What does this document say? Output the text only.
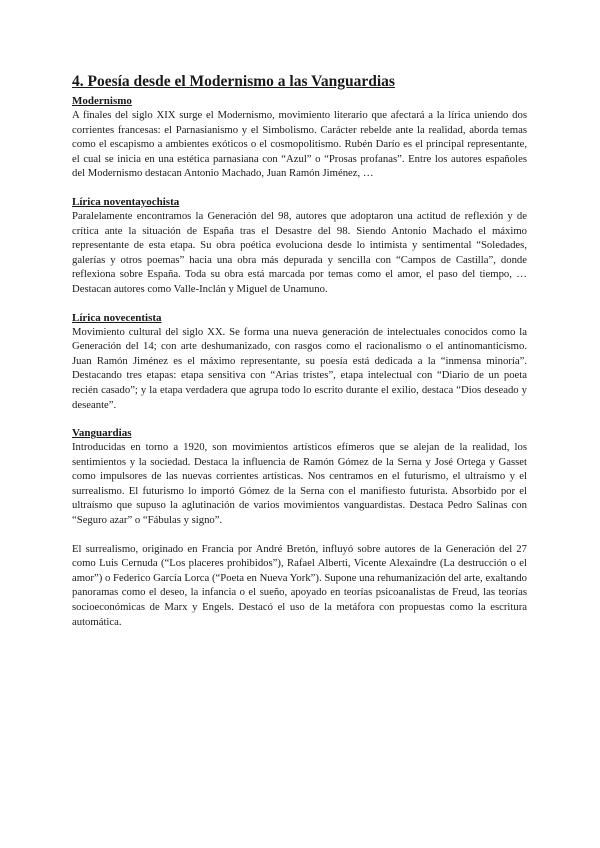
4. Poesía desde el Modernismo a las Vanguardias
Modernismo

A finales del siglo XIX surge el Modernismo, movimiento literario que afectará a la lírica uniendo dos corrientes francesas: el Parnasianismo y el Simbolismo. Carácter rebelde ante la realidad, aborda temas como el escapismo a ambientes exóticos o el cosmopolitismo. Rubén Darío es el principal representante, el cual se inicia en una estética parnasiana con “Azul” o “Prosas profanas”. Entre los autores españoles del Modernismo destacan Antonio Machado, Juan Ramón Jiménez, …

Lírica noventayochista

Paralelamente encontramos la Generación del 98, autores que adoptaron una actitud de reflexión y de crítica ante la situación de España tras el Desastre del 98. Siendo Antonio Machado el máximo representante de esta etapa. Su obra poética evoluciona desde lo intimista y sentimental “Soledades, galerías y otros poemas” hacia una obra más depurada y sencilla con “Campos de Castilla”, donde reflexiona sobre España. Toda su obra está marcada por temas como el amor, el paso del tiempo, … Destacan autores como Valle-Inclán y Miguel de Unamuno.

Lírica novecentista

Movimiento cultural del siglo XX. Se forma una nueva generación de intelectuales conocidos como la Generación del 14; con arte deshumanizado, con rasgos como el racionalismo o el antinomanticismo. Juan Ramón Jiménez es el máximo representante, su poesía está dedicada a la “inmensa minoría”. Destacando tres etapas: etapa sensitiva con “Arias tristes”, etapa intelectual con “Diario de un poeta recién casado”; y la etapa verdadera que agrupa todo lo escrito durante el exilio, destaca “Dios deseado y deseante”.

Vanguardias

Introducidas en torno a 1920, son movimientos artísticos efímeros que se alejan de la realidad, los sentimientos y la sociedad. Destaca la influencia de Ramón Gómez de la Serna y José Ortega y Gasset como impulsores de las nuevas corrientes artísticas. Nos centramos en el futurismo, el ultraísmo y el surrealismo. El futurismo lo importó Gómez de la Serna con el manifiesto futurista. Absorbido por el ultraísmo que supuso la aglutinación de varios movimientos vanguardistas. Destaca Pedro Salinas con “Seguro azar” o “Fábulas y signo”.

El surrealismo, originado en Francia por André Bretón, influyó sobre autores de la Generación del 27 como Luis Cernuda (“Los placeres prohibidos”), Rafael Alberti, Vicente Alexaindre (La destrucción o el amor”) o Federico García Lorca (“Poeta en Nueva York”). Supone una rehumanización del arte, exaltando panoramas como el deseo, la infancia o el sueño, apoyado en teorías psicoanalistas de Freud, las teorías socioeconómicas de Marx y Engels. Destacó el uso de la metáfora con propuestas como la escritura automática.
